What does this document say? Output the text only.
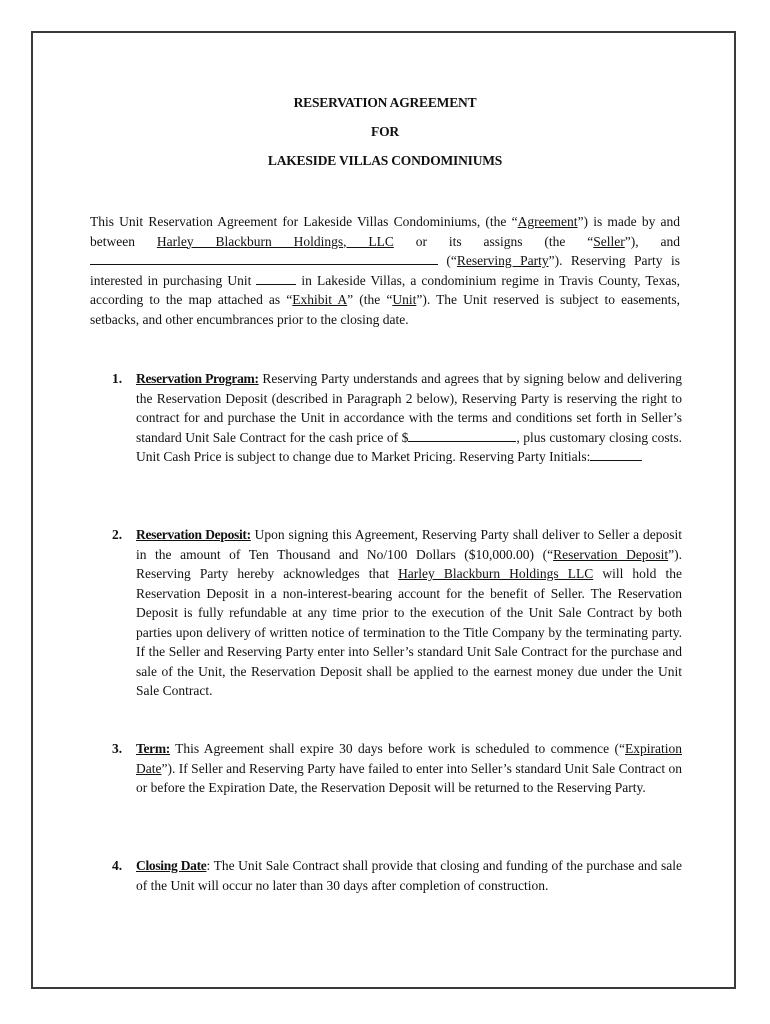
RESERVATION AGREEMENT
FOR
LAKESIDE VILLAS CONDOMINIUMS
This Unit Reservation Agreement for Lakeside Villas Condominiums, (the “Agreement”) is made by and between Harley Blackburn Holdings, LLC or its assigns (the “Seller”), and  (“Reserving Party”). Reserving Party is interested in purchasing Unit	in Lakeside Villas, a condominium regime in Travis County, Texas, according to the map attached as “Exhibit A” (the “Unit”). The Unit reserved is subject to easements, setbacks, and other encumbrances prior to the closing date.
1. Reservation Program: Reserving Party understands and agrees that by signing below and delivering the Reservation Deposit (described in Paragraph 2 below), Reserving Party is reserving the right to contract for and purchase the Unit in accordance with the terms and conditions set forth in Seller’s standard Unit Sale Contract for the cash price of $	, plus customary closing costs. Unit Cash Price is subject to change due to Market Pricing. Reserving Party Initials:
2. Reservation Deposit: Upon signing this Agreement, Reserving Party shall deliver to Seller a deposit in the amount of Ten Thousand and No/100 Dollars ($10,000.00) (“Reservation Deposit”). Reserving Party hereby acknowledges that Harley Blackburn Holdings LLC will hold the Reservation Deposit in a non-interest-bearing account for the benefit of Seller. The Reservation Deposit is fully refundable at any time prior to the execution of the Unit Sale Contract by both parties upon delivery of written notice of termination to the Title Company by the terminating party. If the Seller and Reserving Party enter into Seller’s standard Unit Sale Contract for the purchase and sale of the Unit, the Reservation Deposit shall be applied to the earnest money due under the Unit Sale Contract.
3. Term: This Agreement shall expire 30 days before work is scheduled to commence (“Expiration Date”). If Seller and Reserving Party have failed to enter into Seller’s standard Unit Sale Contract on or before the Expiration Date, the Reservation Deposit will be returned to the Reserving Party.
4. Closing Date: The Unit Sale Contract shall provide that closing and funding of the purchase and sale of the Unit will occur no later than 30 days after completion of construction.
